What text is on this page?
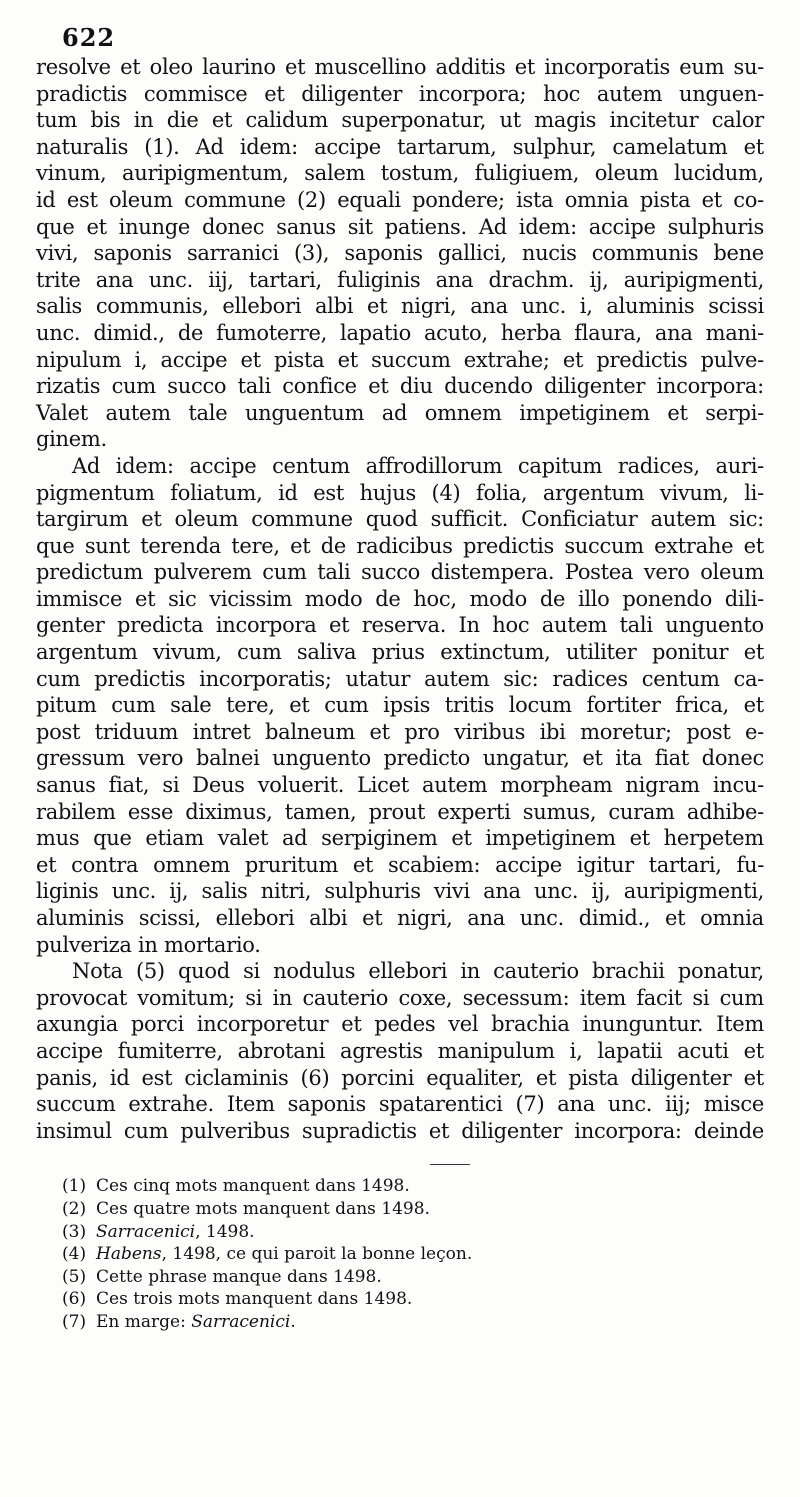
622
resolve et oleo laurino et muscellino additis et incorporatis eum su-
pradictis commisce et diligenter incorpora; hoc autem unguen-
tum bis in die et calidum superponatur, ut magis incitetur calor
naturalis (1). Ad idem: accipe tartarum, sulphur, camelatum et
vinum, auripigmentum, salem tostum, fuligiuem, oleum lucidum,
id est oleum commune (2) equali pondere; ista omnia pista et co-
que et inunge donec sanus sit patiens. Ad idem: accipe sulphuris
vivi, saponis sarranici (3), saponis gallici, nucis communis bene
trite ana unc. iij, tartari, fuliginis ana drachm. ij, auripigmenti,
salis communis, ellebori albi et nigri, ana unc. i, aluminis scissi
unc. dimid., de fumoterre, lapatio acuto, herba flaura, ana mani-
nipulum i, accipe et pista et succum extrahe; et predictis pulve-
rizatis cum succo tali confice et diu ducendo diligenter incorpora:
Valet autem tale unguentum ad omnem impetiginem et serpi-
ginem.
Ad idem: accipe centum affrodillorum capitum radices, auri-
pigmentum foliatum, id est hujus (4) folia, argentum vivum, li-
targirum et oleum commune quod sufficit. Conficiatur autem sic:
que sunt terenda tere, et de radicibus predictis succum extrahe et
predictum pulverem cum tali succo distempera. Postea vero oleum
immisce et sic vicissim modo de hoc, modo de illo ponendo dili-
genter predicta incorpora et reserva. In hoc autem tali unguento
argentum vivum, cum saliva prius extinctum, utiliter ponitur et
cum predictis incorporatis; utatur autem sic: radices centum ca-
pitum cum sale tere, et cum ipsis tritis locum fortiter frica, et
post triduum intret balneum et pro viribus ibi moretur; post e-
gressum vero balnei unguento predicto ungatur, et ita fiat donec
sanus fiat, si Deus voluerit. Licet autem morpheam nigram incu-
rabilem esse diximus, tamen, prout experti sumus, curam adhibe-
mus que etiam valet ad serpiginem et impetiginem et herpetem
et contra omnem pruritum et scabiem: accipe igitur tartari, fu-
liginis unc. ij, salis nitri, sulphuris vivi ana unc. ij, auripigmenti,
aluminis scissi, ellebori albi et nigri, ana unc. dimid., et omnia
pulveriza in mortario.
Nota (5) quod si nodulus ellebori in cauterio brachii ponatur,
provocat vomitum; si in cauterio coxe, secessum: item facit si cum
axungia porci incorporetur et pedes vel brachia inunguntur. Item
accipe fumiterre, abrotani agrestis manipulum i, lapatii acuti et
panis, id est ciclaminis (6) porcini equaliter, et pista diligenter et
succum extrahe. Item saponis spatarentici (7) ana unc. iij; misce
insimul cum pulveribus supradictis et diligenter incorpora: deinde
(1) Ces cinq mots manquent dans 1498.
(2) Ces quatre mots manquent dans 1498.
(3) Sarracenici, 1498.
(4) Habens, 1498, ce qui paroit la bonne leçon.
(5) Cette phrase manque dans 1498.
(6) Ces trois mots manquent dans 1498.
(7) En marge: Sarracenici.
